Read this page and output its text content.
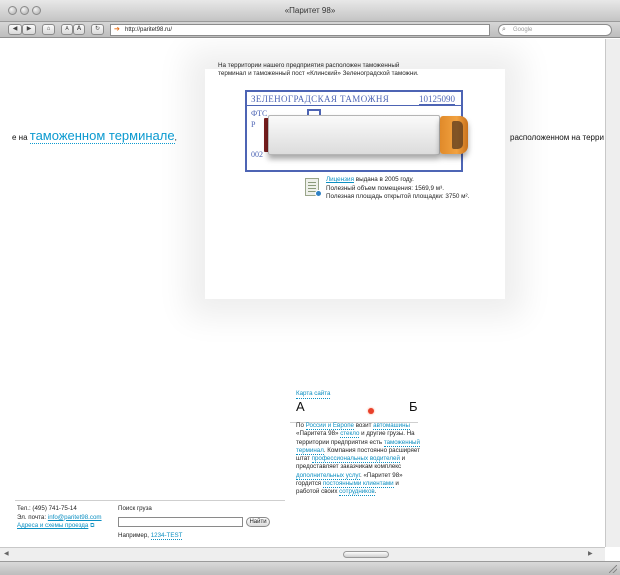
«Паритет 98»
◀	▶	⌂	A	A	↻	➔ http://paritet98.ru/	⌕ Google
На территории нашего предприятия расположен таможенный терминал и таможенный пост «Клинский» Зеленоградской таможни.
ЗЕЛЕНОГРАДСКАЯ ТАМОЖНЯ	10125090
ФТС
Р
002
Лицензия выдана в 2005 году.
Полезный объем помещения: 1569,9 м³.
Полезная площадь открытой площадки: 3750 м².
е на таможенном терминале,	расположенном на терри
Карта сайта
А	Б
По России и Европе возит автомашины «Паритета 98» стекло и другие грузы. На территории предприятия есть таможенный терминал. Компания постоянно расширяет штат профессиональных водителей и предоставляет заказчикам комплекс дополнительных услуг. «Паритет 98» гордится постоянными клиентами и работой своих сотрудников.
Тел.: (495) 741-75-14
Эл. почта: info@paritet98.com
Адреса и схемы проезда ⧉
Поиск груза
Найти
Например, 1234-TEST
◀	▶
